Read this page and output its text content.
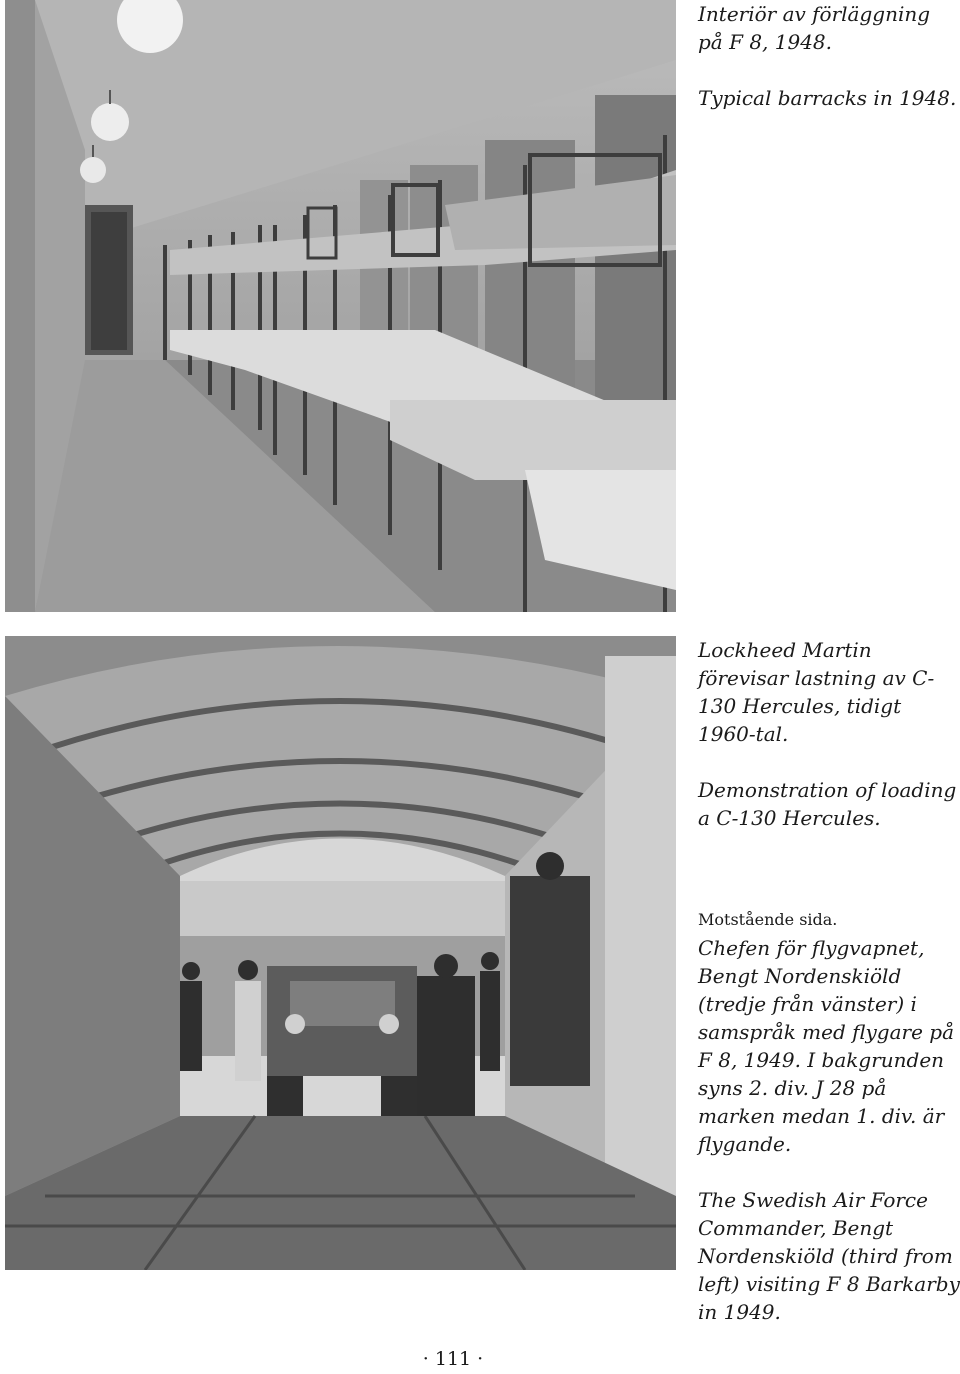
Interiör av förläggning på F 8, 1948.

Typical barracks in 1948.

Lockheed Martin förevisar lastning av C-130 Hercules, tidigt 1960-tal.

Demonstration of loading a C-130 Hercules.

Motstående sida.

Chefen för flygvapnet, Bengt Nordenskiöld (tredje från vänster) i samspråk med flygare på F 8, 1949. I bakgrunden syns 2. div. J 28 på marken medan 1. div. är flygande.

The Swedish Air Force Commander, Bengt Nordenskiöld (third from left) visiting F 8 Barkarby in 1949.

· 111 ·
